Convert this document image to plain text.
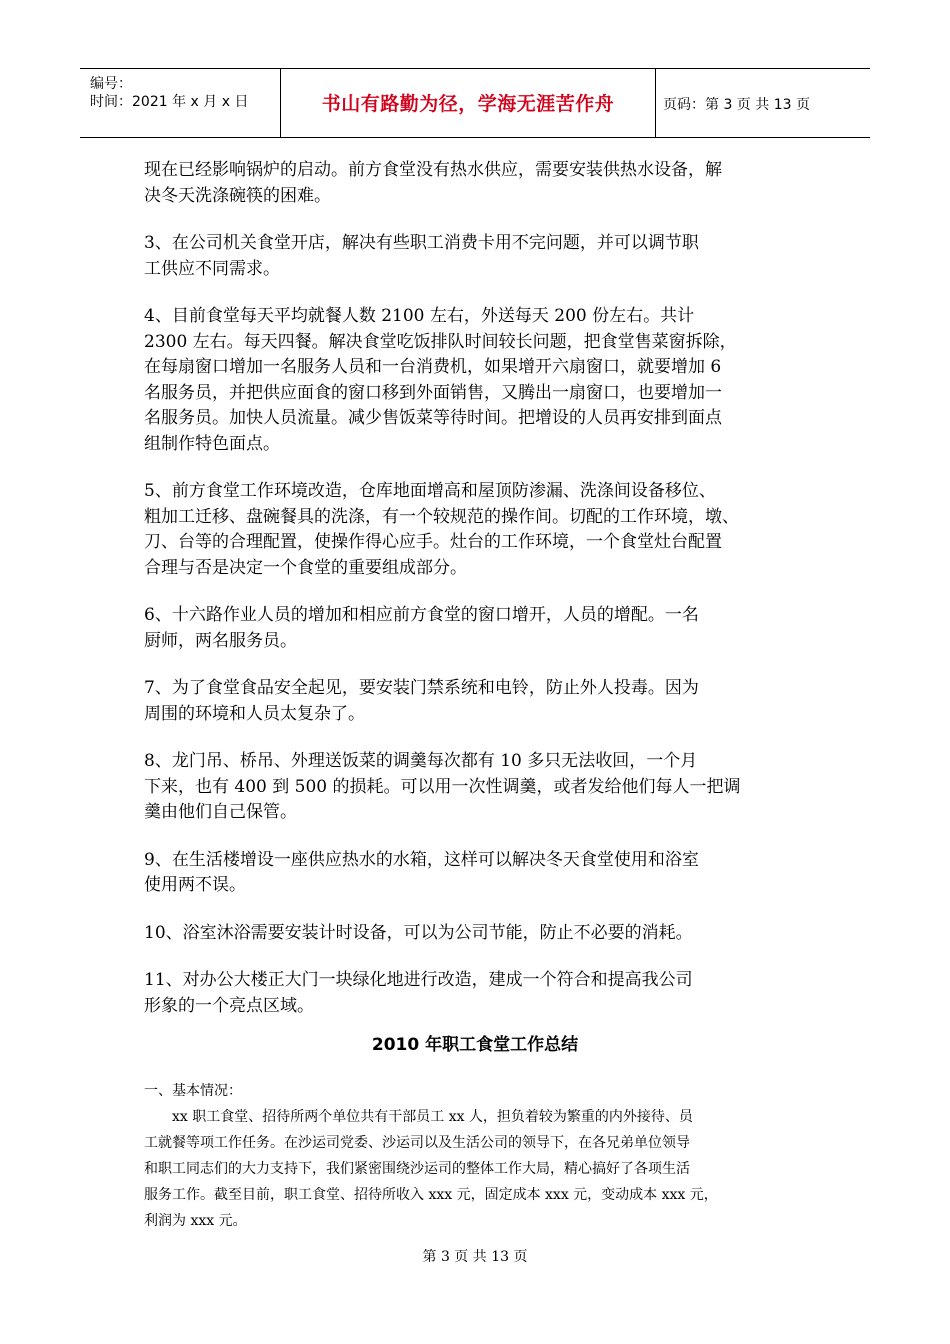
编号：
时间：2021 年 x 月 x 日	书山有路勤为径，学海无涯苦作舟	页码：第 3 页 共 13 页

现在已经影响锅炉的启动。前方食堂没有热水供应，需要安装供热水设备，解
决冬天洗涤碗筷的困难。

3、在公司机关食堂开店，解决有些职工消费卡用不完问题，并可以调节职
工供应不同需求。

4、目前食堂每天平均就餐人数 2100 左右，外送每天 200 份左右。共计
2300 左右。每天四餐。解决食堂吃饭排队时间较长问题，把食堂售菜窗拆除，
在每扇窗口增加一名服务人员和一台消费机，如果增开六扇窗口，就要增加 6
名服务员，并把供应面食的窗口移到外面销售，又腾出一扇窗口，也要增加一
名服务员。加快人员流量。减少售饭菜等待时间。把增设的人员再安排到面点
组制作特色面点。

5、前方食堂工作环境改造，仓库地面增高和屋顶防渗漏、洗涤间设备移位、
粗加工迁移、盘碗餐具的洗涤，有一个较规范的操作间。切配的工作环境，墩、
刀、台等的合理配置，使操作得心应手。灶台的工作环境，一个食堂灶台配置
合理与否是决定一个食堂的重要组成部分。

6、十六路作业人员的增加和相应前方食堂的窗口增开，人员的增配。一名
厨师，两名服务员。

7、为了食堂食品安全起见，要安装门禁系统和电铃，防止外人投毒。因为
周围的环境和人员太复杂了。

8、龙门吊、桥吊、外理送饭菜的调羹每次都有 10 多只无法收回，一个月
下来，也有 400 到 500 的损耗。可以用一次性调羹，或者发给他们每人一把调
羹由他们自己保管。

9、在生活楼增设一座供应热水的水箱，这样可以解决冬天食堂使用和浴室
使用两不误。

10、浴室沐浴需要安装计时设备，可以为公司节能，防止不必要的消耗。

11、对办公大楼正大门一块绿化地进行改造，建成一个符合和提高我公司
形象的一个亮点区域。

2010 年职工食堂工作总结

一、基本情况：

xx 职工食堂、招待所两个单位共有干部员工 xx 人，担负着较为繁重的内外接待、员
工就餐等项工作任务。在沙运司党委、沙运司以及生活公司的领导下，在各兄弟单位领导
和职工同志们的大力支持下，我们紧密围绕沙运司的整体工作大局，精心搞好了各项生活
服务工作。截至目前，职工食堂、招待所收入 xxx 元，固定成本 xxx 元，变动成本 xxx 元，
利润为 xxx 元。

第 3 页 共 13 页
